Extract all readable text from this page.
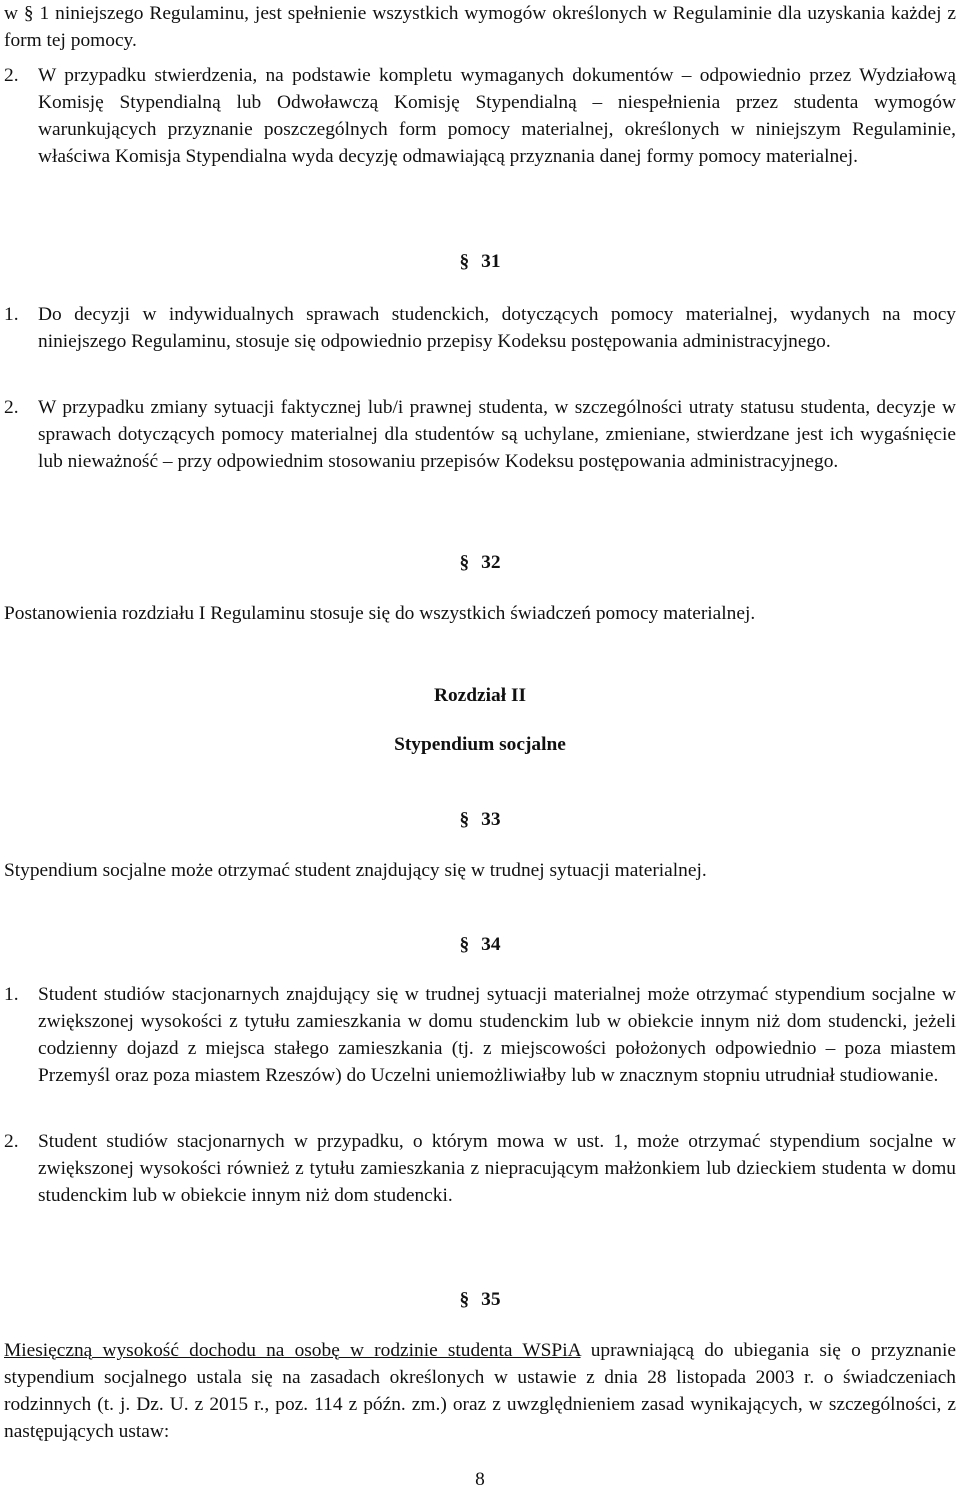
w § 1 niniejszego Regulaminu, jest spełnienie wszystkich wymogów określonych w Regulaminie dla uzyskania każdej z form tej pomocy.
2.	W przypadku stwierdzenia, na podstawie kompletu wymaganych dokumentów – odpowiednio przez Wydziałową Komisję Stypendialną lub Odwoławczą Komisję Stypendialną – niespełnienia przez studenta wymogów warunkujących przyznanie poszczególnych form pomocy materialnej, określonych w niniejszym Regulaminie, właściwa Komisja Stypendialna wyda decyzję odmawiającą przyznania danej formy pomocy materialnej.
§ 31
1.	Do decyzji w indywidualnych sprawach studenckich, dotyczących pomocy materialnej, wydanych na mocy niniejszego Regulaminu, stosuje się odpowiednio przepisy Kodeksu postępowania administracyjnego.
2.	W przypadku zmiany sytuacji faktycznej lub/i prawnej studenta, w szczególności utraty statusu studenta, decyzje w sprawach dotyczących pomocy materialnej dla studentów są uchylane, zmieniane, stwierdzane jest ich wygaśnięcie lub nieważność – przy odpowiednim stosowaniu przepisów Kodeksu postępowania administracyjnego.
§ 32
Postanowienia rozdziału I Regulaminu stosuje się do wszystkich świadczeń pomocy materialnej.
Rozdział II
Stypendium socjalne
§ 33
Stypendium socjalne może otrzymać student znajdujący się w trudnej sytuacji materialnej.
§ 34
1.	Student studiów stacjonarnych znajdujący się w trudnej sytuacji materialnej może otrzymać stypendium socjalne w zwiększonej wysokości z tytułu zamieszkania w domu studenckim lub w obiekcie innym niż dom studencki, jeżeli codzienny dojazd z miejsca stałego zamieszkania (tj. z miejscowości położonych odpowiednio – poza miastem Przemyśl oraz poza miastem Rzeszów) do Uczelni uniemożliwiałby lub w znacznym stopniu utrudniał studiowanie.
2.	Student studiów stacjonarnych w przypadku, o którym mowa w ust. 1, może otrzymać stypendium socjalne w zwiększonej wysokości również z tytułu zamieszkania z niepracującym małżonkiem lub dzieckiem studenta w domu studenckim lub w obiekcie innym niż dom studencki.
§ 35
Miesięczną wysokość dochodu na osobę w rodzinie studenta WSPiA uprawniającą do ubiegania się o przyznanie stypendium socjalnego ustala się na zasadach określonych w ustawie z dnia 28 listopada 2003 r. o świadczeniach rodzinnych (t. j. Dz. U. z 2015 r., poz. 114 z późn. zm.) oraz z uwzględnieniem zasad wynikających, w szczególności, z następujących ustaw:
8
